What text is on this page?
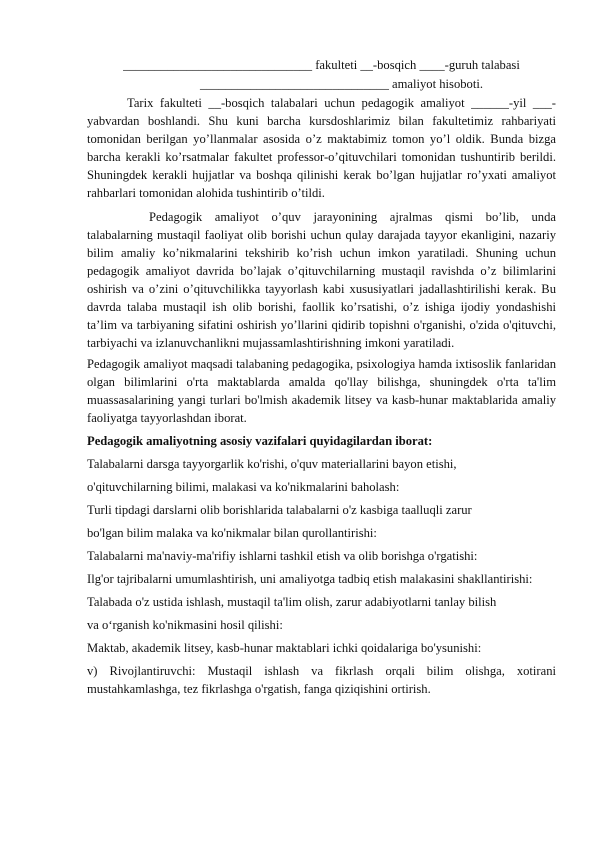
______________________________ fakulteti __-bosqich ____-guruh talabasi
______________________________ amaliyot hisoboti.

Tarix fakulteti __-bosqich talabalari uchun pedagogik amaliyot ______-yil ___-yabvardan boshlandi. Shu kuni barcha kursdoshlarimiz bilan fakultetimiz rahbariyati tomonidan berilgan yo’llanmalar asosida o’z maktabimiz tomon yo’l oldik. Bunda bizga barcha kerakli ko’rsatmalar fakultet professor-o’qituvchilari tomonidan tushuntirib berildi. Shuningdek kerakli hujjatlar va boshqa qilinishi kerak bo’lgan hujjatlar ro’yxati amaliyot rahbarlari tomonidan alohida tushintirib o’tildi.

Pedagogik amaliyot o’quv jarayonining ajralmas qismi bo’lib, unda talabalarning mustaqil faoliyat olib borishi uchun qulay darajada tayyor ekanligini, nazariy bilim amaliy ko’nikmalarini tekshirib ko’rish uchun imkon yaratiladi. Shuning uchun pedagogik amaliyot davrida bo’lajak o’qituvchilarning mustaqil ravishda o’z bilimlarini oshirish va o’zini o’qituvchilikka tayyorlash kabi xususiyatlari jadallashtirilishi kerak. Bu davrda talaba mustaqil ish olib borishi, faollik ko’rsatishi, o’z ishiga ijodiy yondashishi ta’lim va tarbiyaning sifatini oshirish yo’llarini qidirib topishni o'rganishi, o'zida o'qituvchi, tarbiyachi va izlanuvchanlikni mujassamlashtirishning imkoni yaratiladi.

Pedagogik amaliyot maqsadi talabaning pedagogika, psixologiya hamda ixtisoslik fanlaridan olgan bilimlarini o'rta maktablarda amalda qo'llay bilishga, shuningdek o'rta ta'lim muassasalarining yangi turlari bo'lmish akademik litsey va kasb-hunar maktablarida amaliy faoliyatga tayyorlashdan iborat.

Pedagogik amaliyotning asosiy vazifalari quyidagilardan iborat:

Talabalarni darsga tayyorgarlik ko'rishi, o'quv materiallarini bayon etishi,

o'qituvchilarning bilimi, malakasi va ko'nikmalarini baholash:

Turli tipdagi darslarni olib borishlarida talabalarni o'z kasbiga taalluqli zarur

bo'lgan bilim malaka va ko'nikmalar bilan qurollantirishi:

Talabalarni ma'naviy-ma'rifiy ishlarni tashkil etish va olib borishga o'rgatishi:

Ilg'or tajribalarni umumlashtirish, uni amaliyotga tadbiq etish malakasini shakllantirishi:

Talabada o'z ustida ishlash, mustaqil ta'lim olish, zarur adabiyotlarni tanlay bilish

va o‘rganish ko'nikmasini hosil qilishi:

Maktab, akademik litsey, kasb-hunar maktablari ichki qoidalariga bo'ysunishi:

v) Rivojlantiruvchi: Mustaqil ishlash va fikrlash orqali bilim olishga, xotirani mustahkamlashga, tez fikrlashga o'rgatish, fanga qiziqishini ortirish.
